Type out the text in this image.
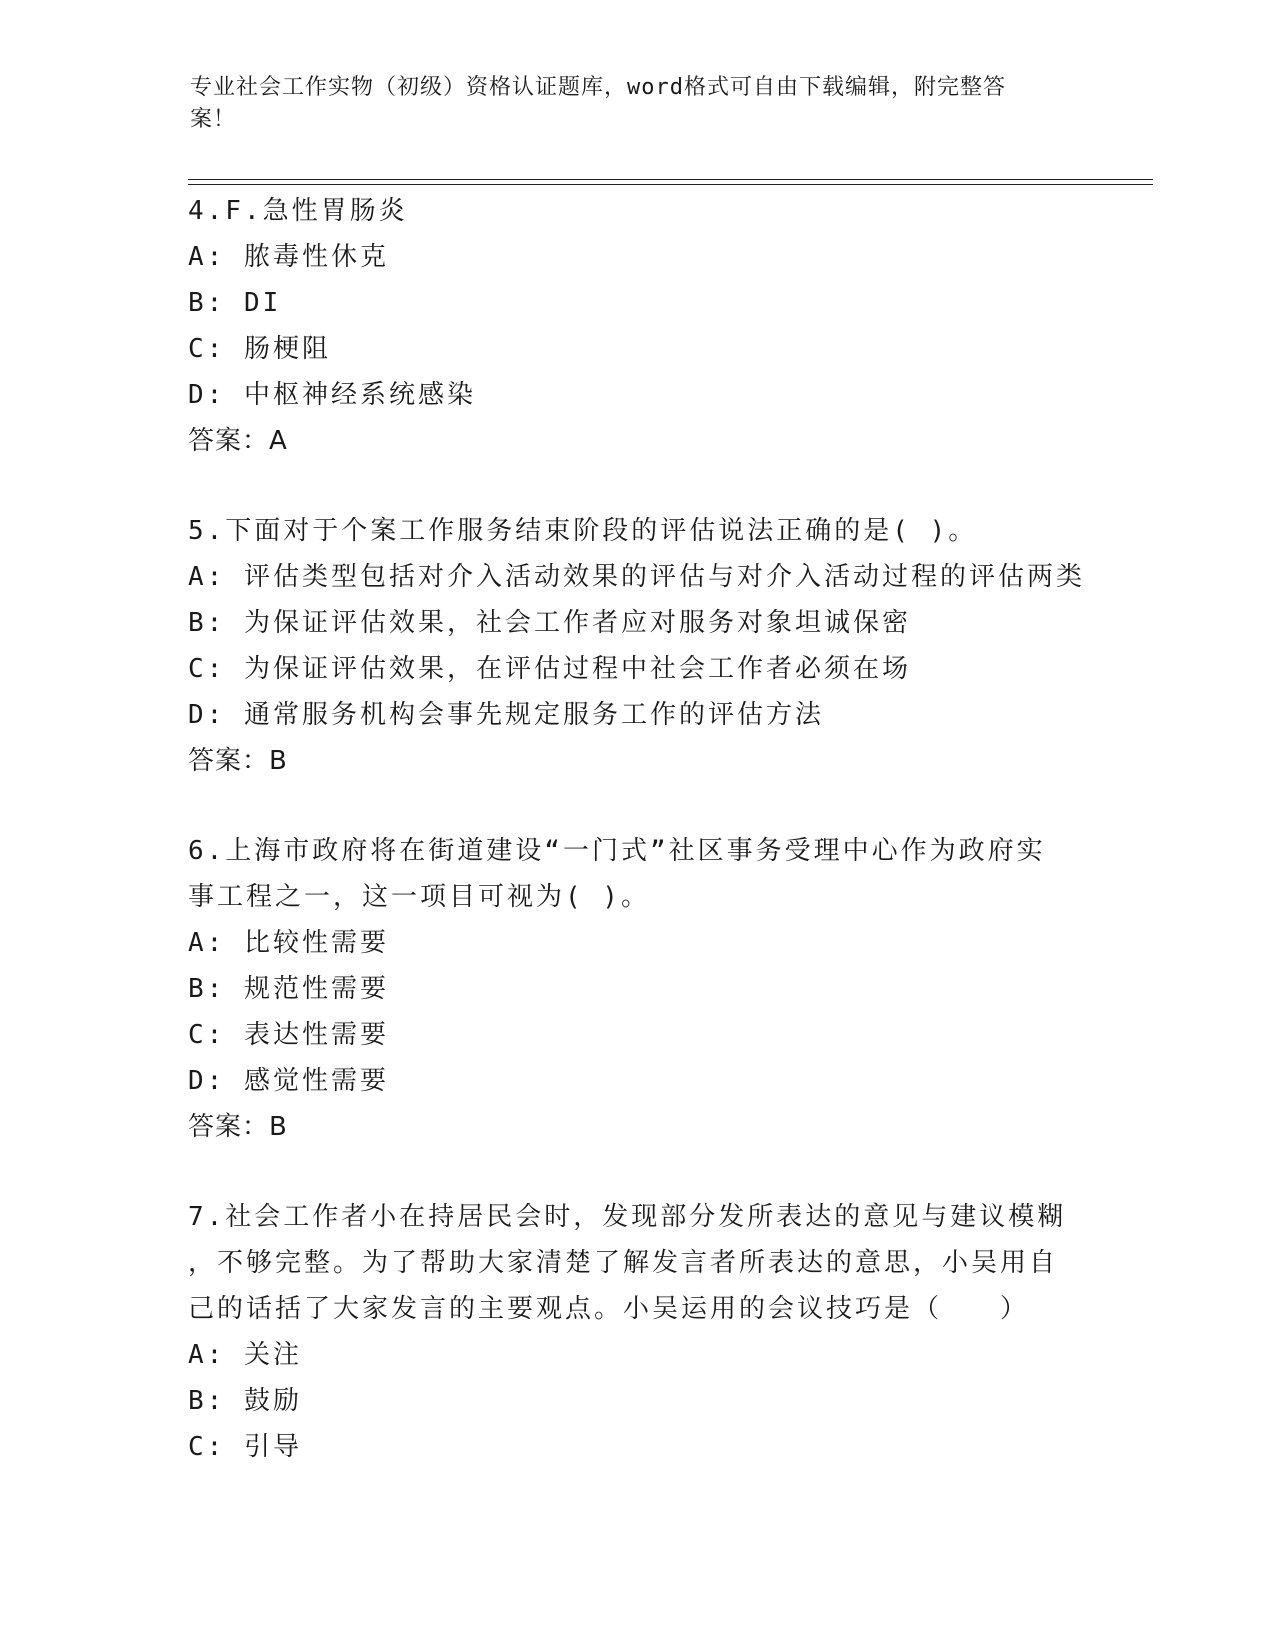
专业社会工作实物（初级）资格认证题库，word格式可自由下载编辑，附完整答
案！
4.F.急性胃肠炎
A: 脓毒性休克
B: DI
C: 肠梗阻
D: 中枢神经系统感染
答案：A
5.下面对于个案工作服务结束阶段的评估说法正确的是( )。
A: 评估类型包括对介入活动效果的评估与对介入活动过程的评估两类
B: 为保证评估效果，社会工作者应对服务对象坦诚保密
C: 为保证评估效果，在评估过程中社会工作者必须在场
D: 通常服务机构会事先规定服务工作的评估方法
答案：B
6.上海市政府将在街道建设“一门式”社区事务受理中心作为政府实
事工程之一，这一项目可视为( )。
A: 比较性需要
B: 规范性需要
C: 表达性需要
D: 感觉性需要
答案：B
7.社会工作者小在持居民会时，发现部分发所表达的意见与建议模糊
，不够完整。为了帮助大家清楚了解发言者所表达的意思，小吴用自
己的话括了大家发言的主要观点。小吴运用的会议技巧是（　　）
A: 关注
B: 鼓励
C: 引导
